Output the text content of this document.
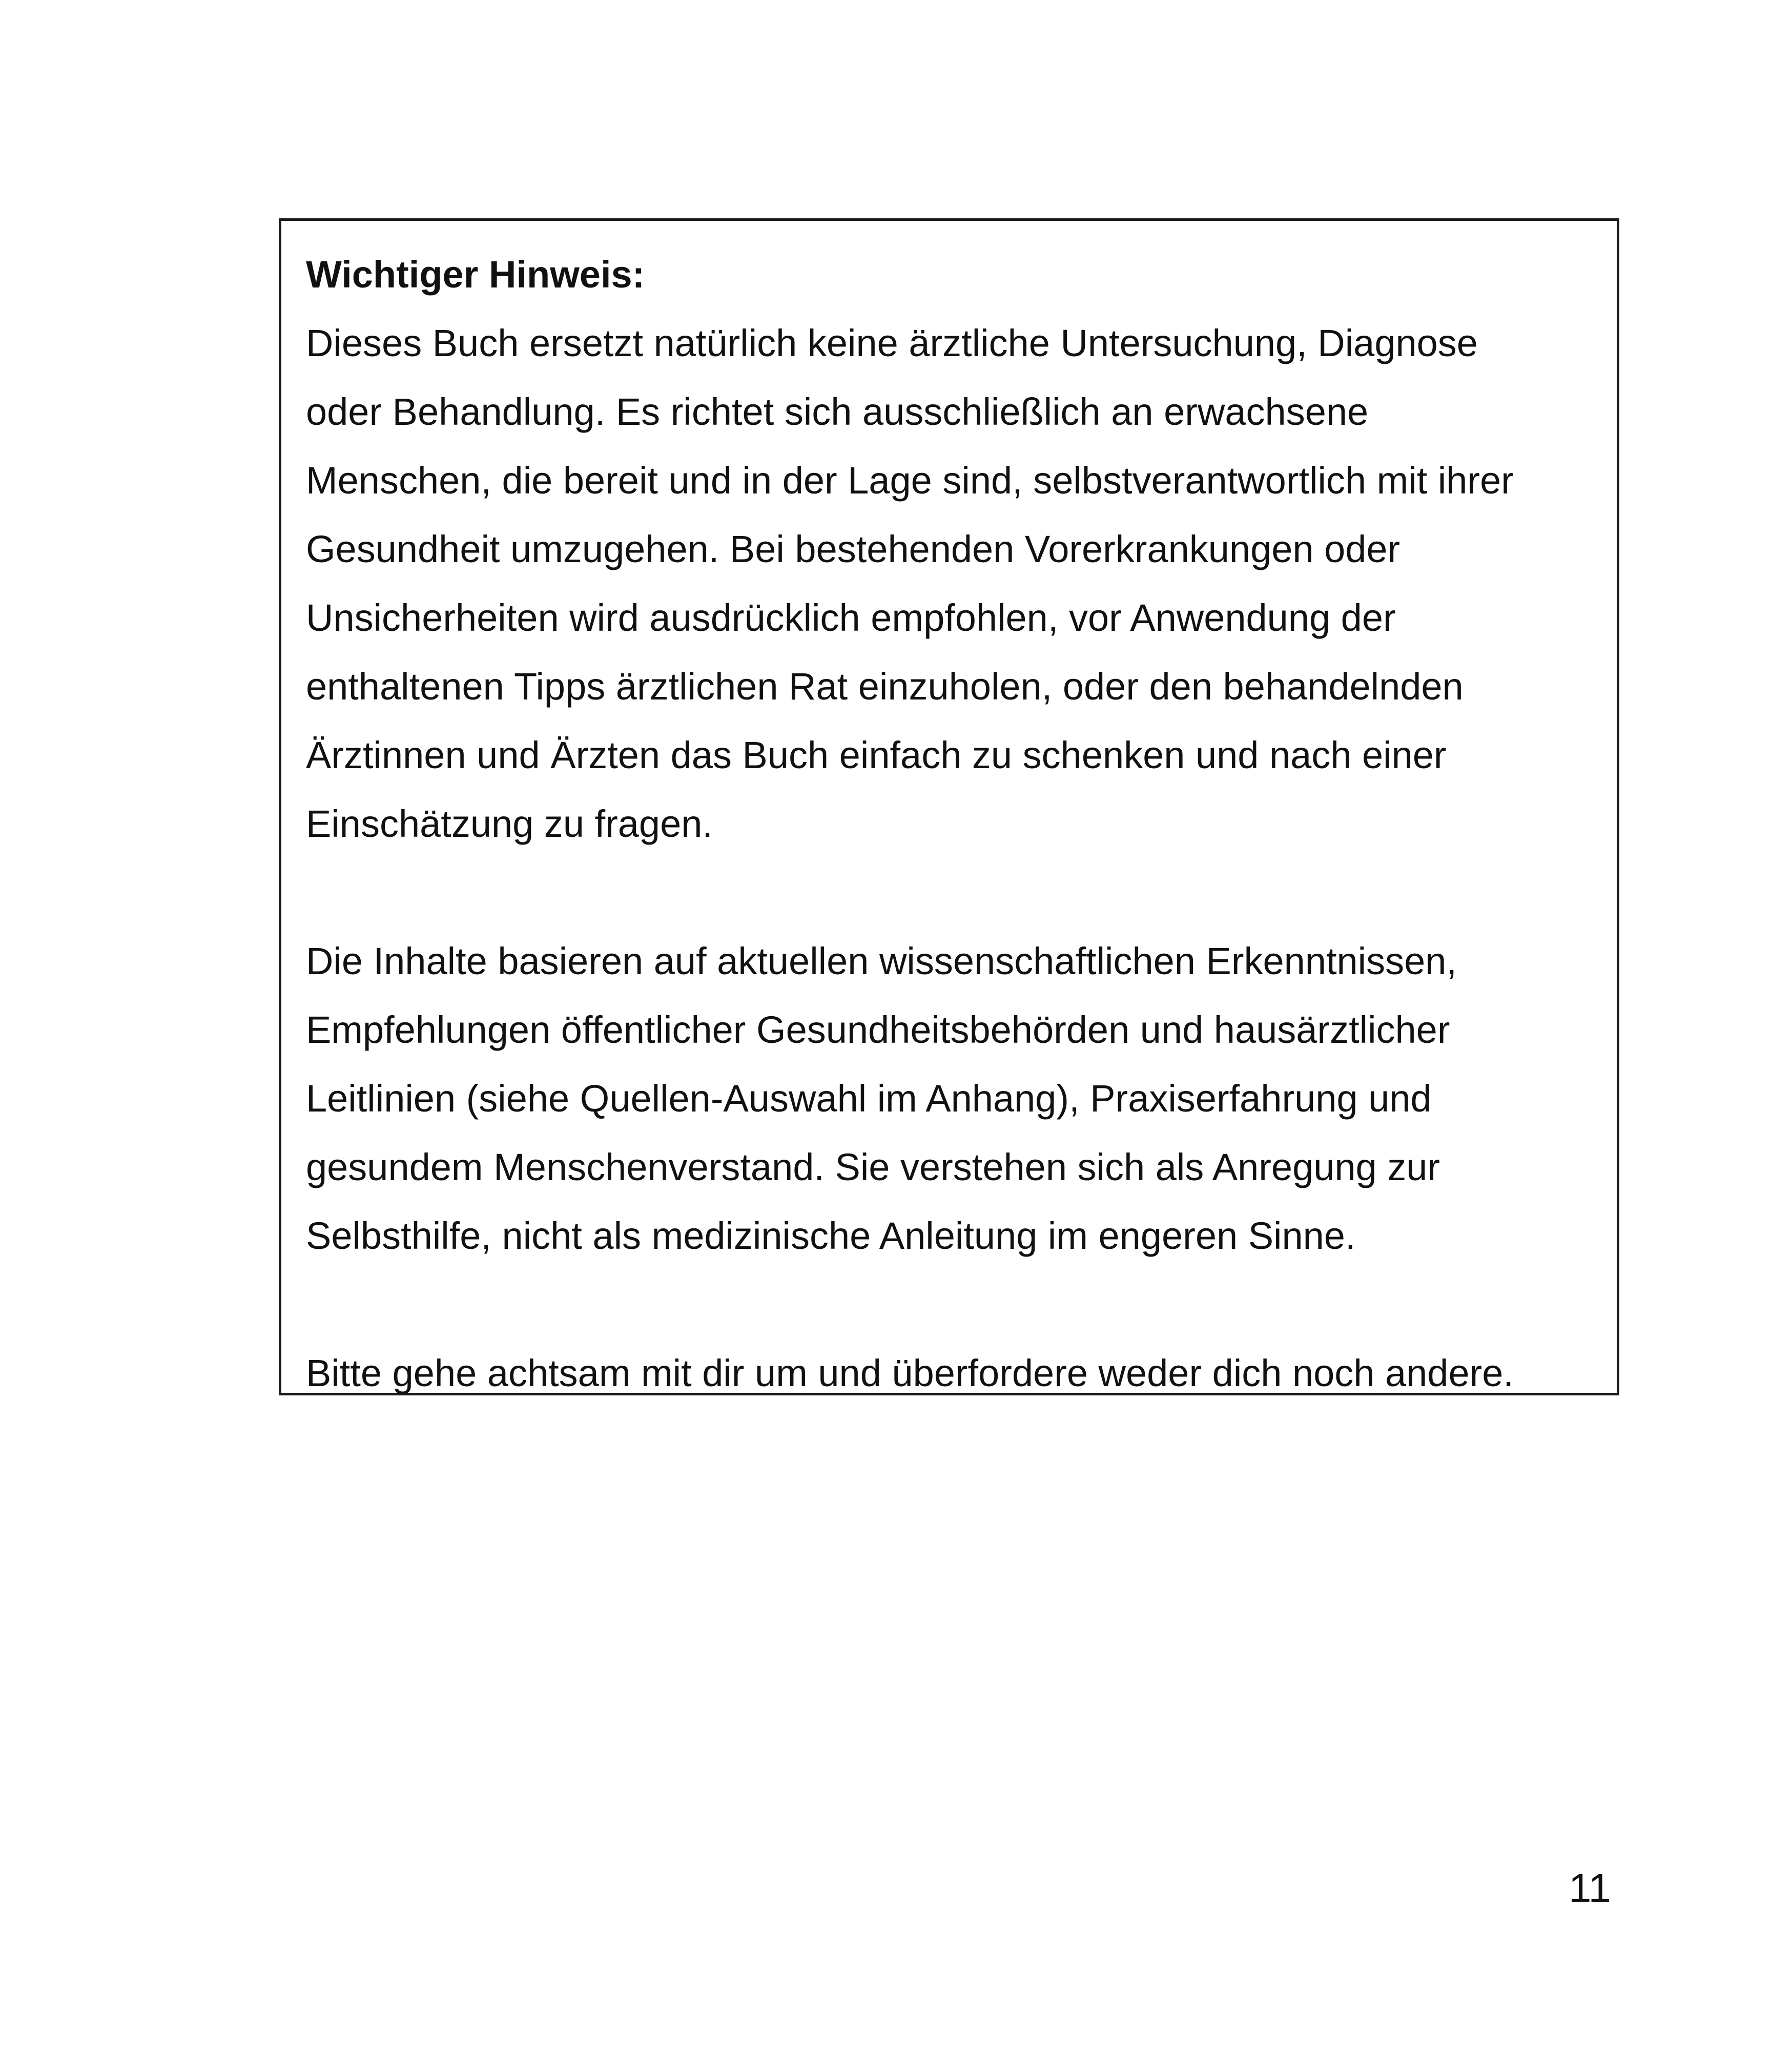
Wichtiger Hinweis:

Dieses Buch ersetzt natürlich keine ärztliche Untersuchung, Diagnose
oder Behandlung. Es richtet sich ausschließlich an erwachsene
Menschen, die bereit und in der Lage sind, selbstverantwortlich mit ihrer
Gesundheit umzugehen. Bei bestehenden Vorerkrankungen oder
Unsicherheiten wird ausdrücklich empfohlen, vor Anwendung der
enthaltenen Tipps ärztlichen Rat einzuholen, oder den behandelnden
Ärztinnen und Ärzten das Buch einfach zu schenken und nach einer
Einschätzung zu fragen.

Die Inhalte basieren auf aktuellen wissenschaftlichen Erkenntnissen,
Empfehlungen öffentlicher Gesundheitsbehörden und hausärztlicher
Leitlinien (siehe Quellen-Auswahl im Anhang), Praxiserfahrung und
gesundem Menschenverstand. Sie verstehen sich als Anregung zur
Selbsthilfe, nicht als medizinische Anleitung im engeren Sinne.

Bitte gehe achtsam mit dir um und überfordere weder dich noch andere.

11
